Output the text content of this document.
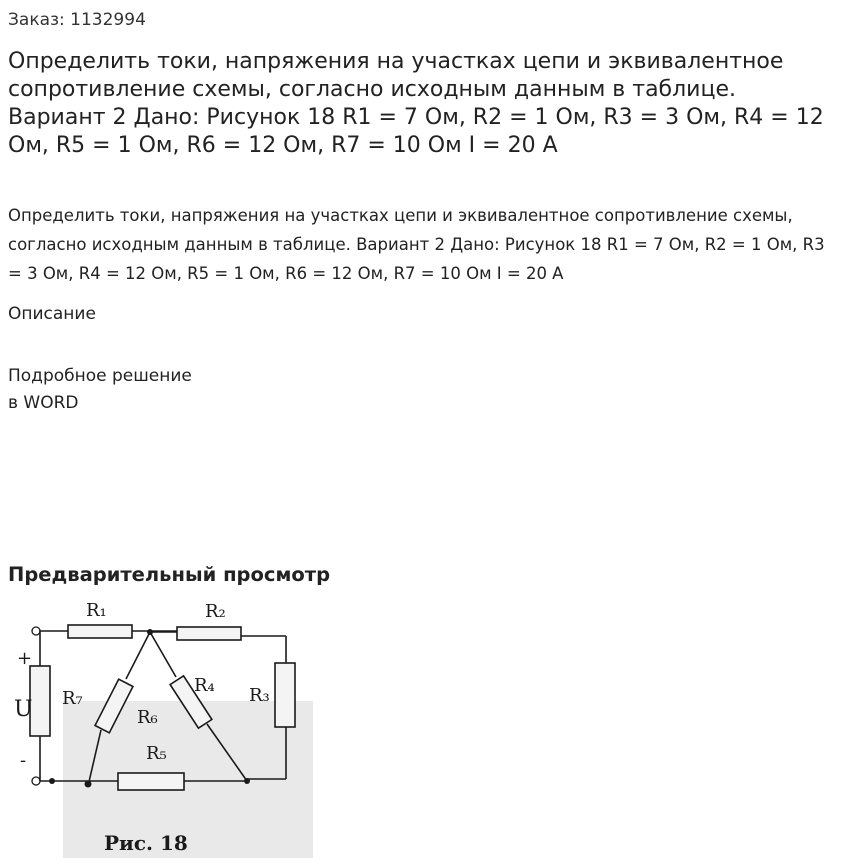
Заказ: 1132994
Определить токи, напряжения на участках цепи и эквивалентное сопротивление схемы, согласно исходным данным в таблице. Вариант 2 Дано: Рисунок 18 R1 = 7 Ом, R2 = 1 Ом, R3 = 3 Ом, R4 = 12 Ом, R5 = 1 Ом, R6 = 12 Ом, R7 = 10 Ом I = 20 А

Определить токи, напряжения на участках цепи и эквивалентное сопротивление схемы, согласно исходным данным в таблице. Вариант 2 Дано: Рисунок 18 R1 = 7 Ом, R2 = 1 Ом, R3 = 3 Ом, R4 = 12 Ом, R5 = 1 Ом, R6 = 12 Ом, R7 = 10 Ом I = 20 А

Описание
Подробное решение
в WORD
Предварительный просмотр
R₁	R₂
R₃
R₄
R₅
R₆
R₇
U
+
-
Рис. 18
